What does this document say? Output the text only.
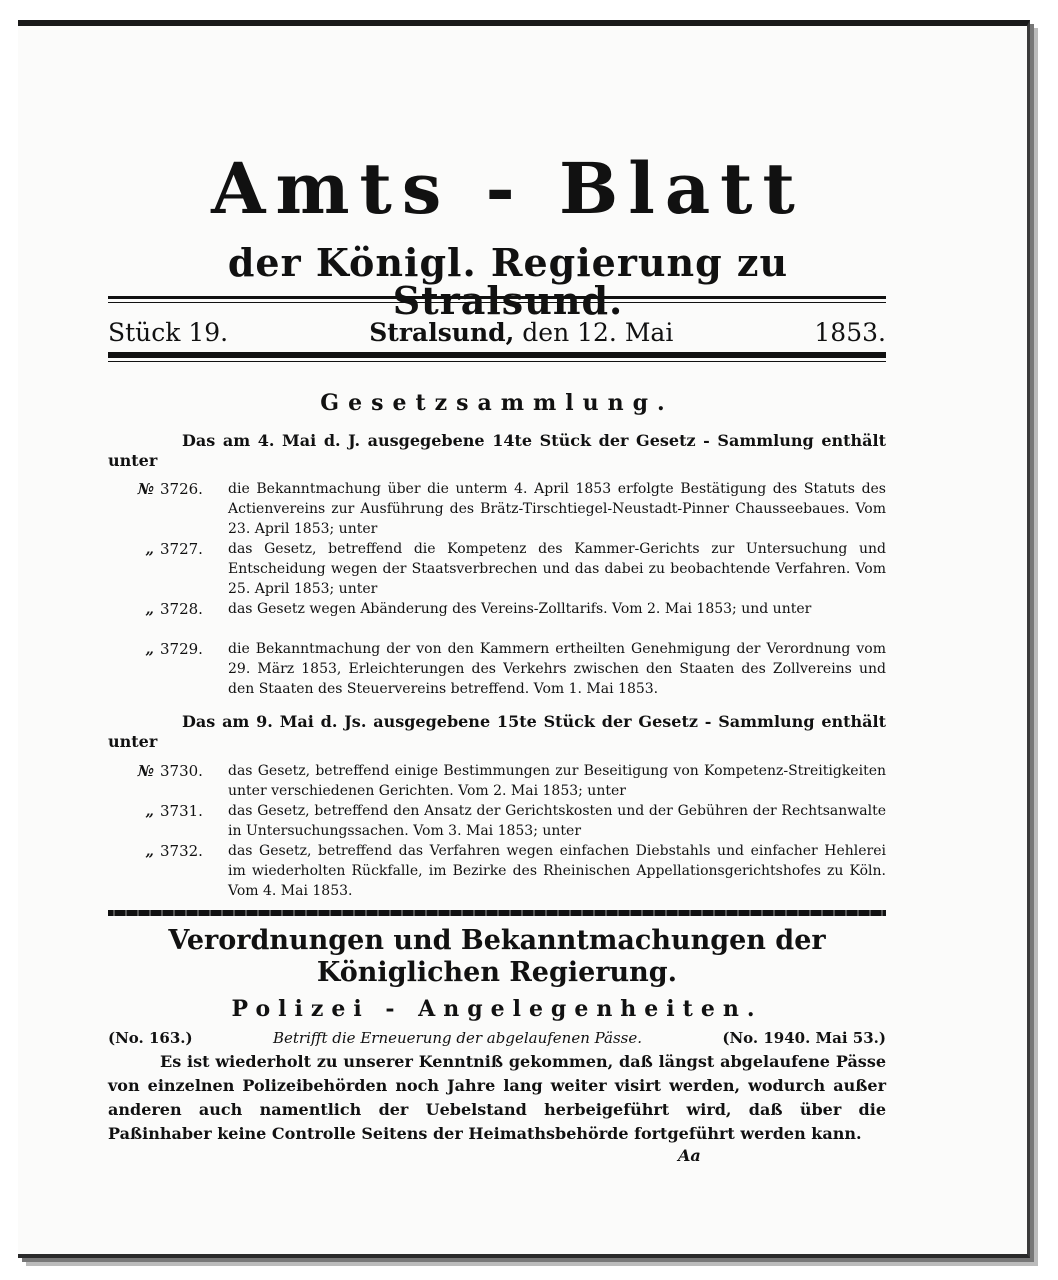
Amts - Blatt
der Königl. Regierung zu Stralsund.
Stück 19.	Stralsund, den 12. Mai	1853.
Gesetzsammlung.
Das am 4. Mai d. J. ausgegebene 14te Stück der Gesetz - Sammlung enthält unter
№ 3726.	die Bekanntmachung über die unterm 4. April 1853 erfolgte Bestätigung des Statuts des Actienvereins zur Ausführung des Brätz-Tirschtiegel-Neustadt-Pinner Chausseebaues. Vom 23. April 1853; unter
„ 3727.	das Gesetz, betreffend die Kompetenz des Kammer-Gerichts zur Untersuchung und Entscheidung wegen der Staatsverbrechen und das dabei zu beobachtende Verfahren. Vom 25. April 1853; unter
„ 3728.	das Gesetz wegen Abänderung des Vereins-Zolltarifs. Vom 2. Mai 1853; und unter
„ 3729.	die Bekanntmachung der von den Kammern ertheilten Genehmigung der Verordnung vom 29. März 1853, Erleichterungen des Verkehrs zwischen den Staaten des Zollvereins und den Staaten des Steuervereins betreffend. Vom 1. Mai 1853.
Das am 9. Mai d. Js. ausgegebene 15te Stück der Gesetz - Sammlung enthält unter
№ 3730.	das Gesetz, betreffend einige Bestimmungen zur Beseitigung von Kompetenz-Streitigkeiten unter verschiedenen Gerichten. Vom 2. Mai 1853; unter
„ 3731.	das Gesetz, betreffend den Ansatz der Gerichtskosten und der Gebühren der Rechtsanwalte in Untersuchungssachen. Vom 3. Mai 1853; unter
„ 3732.	das Gesetz, betreffend das Verfahren wegen einfachen Diebstahls und einfacher Hehlerei im wiederholten Rückfalle, im Bezirke des Rheinischen Appellationsgerichtshofes zu Köln. Vom 4. Mai 1853.
Verordnungen und Bekanntmachungen der
Königlichen Regierung.
Polizei - Angelegenheiten.
(No. 163.)	Betrifft die Erneuerung der abgelaufenen Pässe.	(No. 1940. Mai 53.)
Es ist wiederholt zu unserer Kenntniß gekommen, daß längst abgelaufene Pässe von einzelnen Polizeibehörden noch Jahre lang weiter visirt werden, wodurch außer anderen auch namentlich der Uebelstand herbeigeführt wird, daß über die Paßinhaber keine Controlle Seitens der Heimathsbehörde fortgeführt werden kann.
Aa
